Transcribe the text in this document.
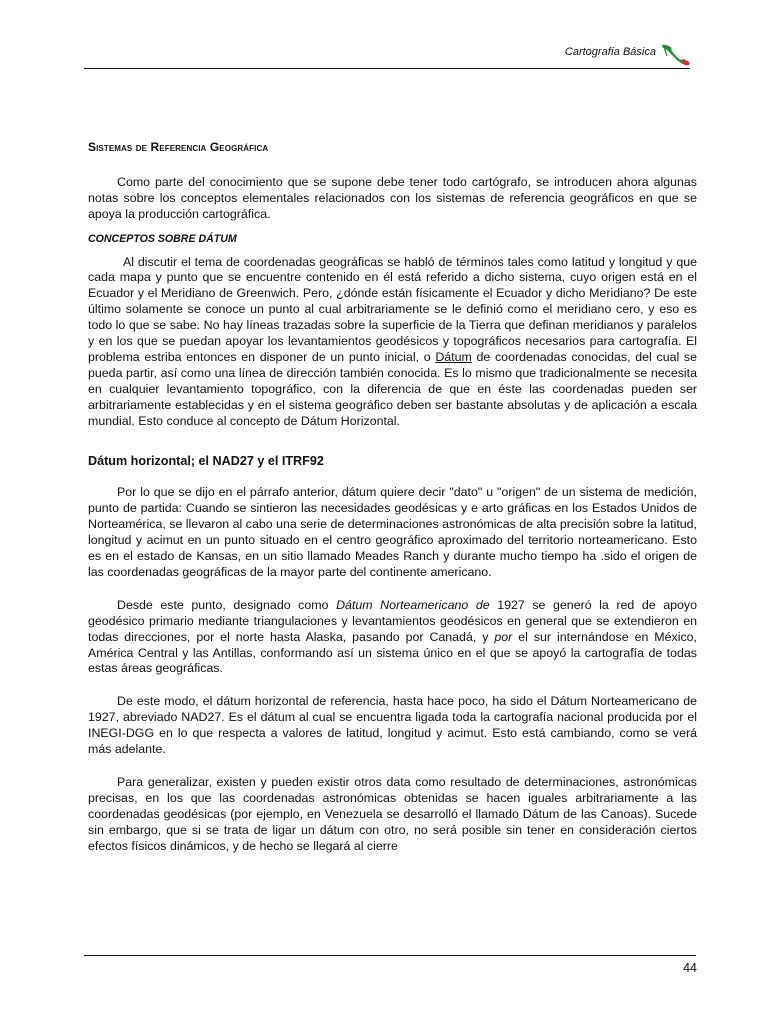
Cartografía Básica
Sistemas de Referencia Geográfica

Como parte del conocimiento que se supone debe tener todo cartógrafo, se introducen ahora algunas notas sobre los conceptos elementales relacionados con los sistemas de referencia geográficos en que se apoya la producción cartográfica.

CONCEPTOS SOBRE DÁTUM

Al discutir el tema de coordenadas geográficas se habló de términos tales como latitud y longitud y que cada mapa y punto que se encuentre contenido en él está referido a dicho sistema, cuyo origen está en el Ecuador y el Meridiano de Greenwich. Pero, ¿dónde están físicamente el Ecuador y dicho Meridiano? De este último solamente se conoce un punto al cual arbitrariamente se le definió como el meridiano cero, y eso es todo lo que se sabe. No hay líneas trazadas sobre la superficie de la Tierra que definan meridianos y paralelos y en los que se puedan apoyar los levantamientos geodésicos y topográficos necesarios para cartografía. El problema estriba entonces en disponer de un punto inicial, o Dátum de coordenadas conocidas, del cual se pueda partir, así como una línea de dirección también conocida. Es lo mismo que tradicionalmente se necesita en cualquier levantamiento topográfico, con la diferencia de que en éste las coordenadas pueden ser arbitrariamente establecidas y en el sistema geográfico deben ser bastante absolutas y de aplicación a escala mundial. Esto conduce al concepto de Dátum Horizontal.

Dátum horizontal; el NAD27 y el ITRF92

Por lo que se dijo en el párrafo anterior, dátum quiere decir "dato" u "origen" de un sistema de medición, punto de partida: Cuando se sintieron las necesidades geodésicas y e arto gráficas en los Estados Unidos de Norteamérica, se llevaron al cabo una serie de determinaciones astronómicas de alta precisión sobre la latitud, longitud y acimut en un punto situado en el centro geográfico aproximado del territorio norteamericano. Esto es en el estado de Kansas, en un sitio llamado Meades Ranch y durante mucho tiempo ha .sido el origen de las coordenadas geográficas de la mayor parte del continente americano.

Desde este punto, designado como Dátum Norteamericano de 1927 se generó la red de apoyo geodésico primario mediante triangulaciones y levantamientos geodésicos en general que se extendieron en todas direcciones, por el norte hasta Alaska, pasando por Canadá, y por el sur internándose en México, América Central y las Antillas, conformando así un sistema único en el que se apoyó la cartografía de todas estas áreas geográficas.

De este modo, el dátum horizontal de referencia, hasta hace poco, ha sido el Dátum Norteamericano de 1927, abreviado NAD27. Es el dátum al cual se encuentra ligada toda la cartografía nacional producida por el INEGI-DGG en lo que respecta a valores de latitud, longitud y acimut. Esto está cambiando, como se verá más adelante.

Para generalizar, existen y pueden existir otros data como resultado de determinaciones, astronómicas precisas, en los que las coordenadas astronómicas obtenidas se hacen iguales arbitrariamente a las coordenadas geodésicas (por ejemplo, en Venezuela se desarrolló el llamado Dátum de las Canoas). Sucede sin embargo, que si se trata de ligar un dátum con otro, no será posible sin tener en consideración ciertos efectos físicos dinámicos, y de hecho se llegará al cierre

44
